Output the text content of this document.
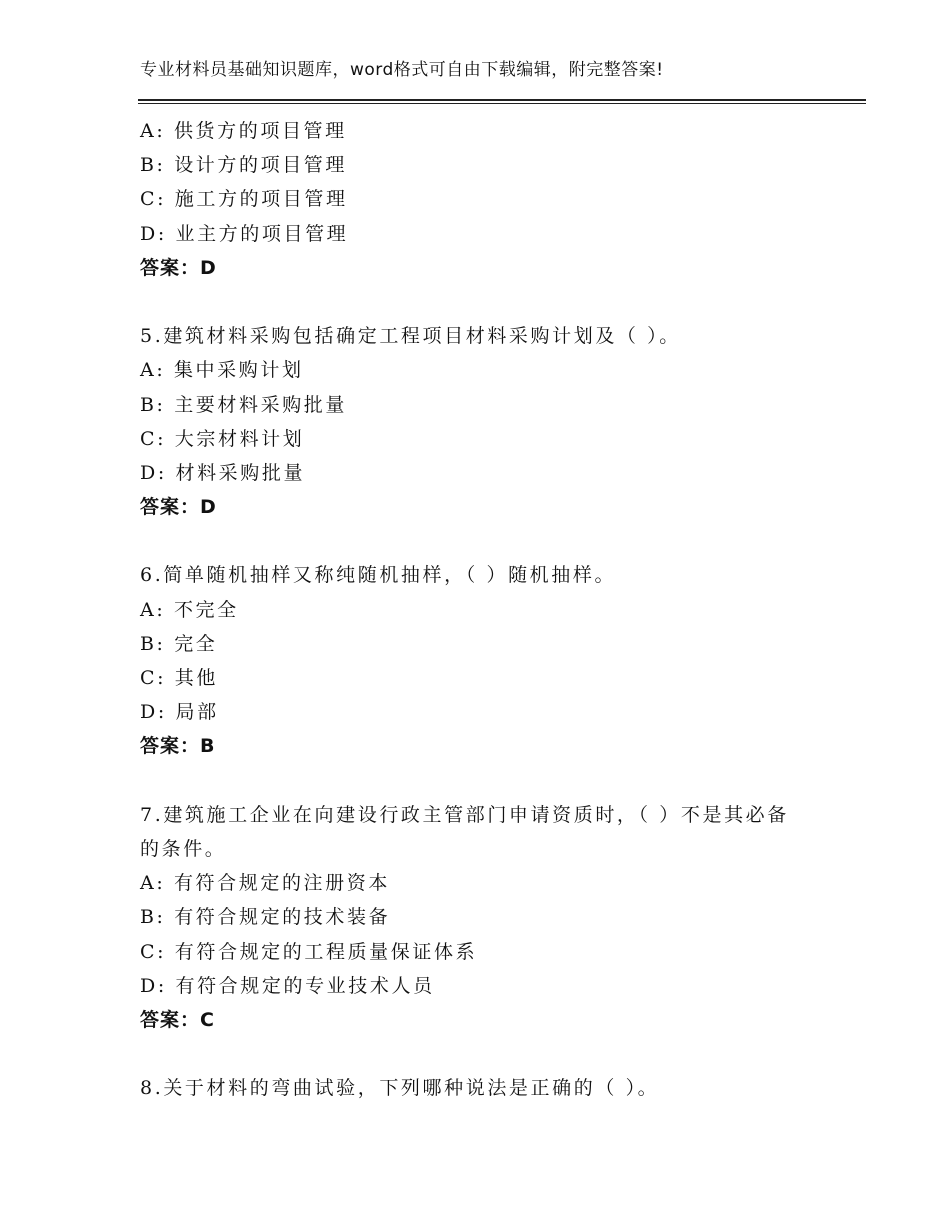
专业材料员基础知识题库，word格式可自由下载编辑，附完整答案!
A: 供货方的项目管理
B: 设计方的项目管理
C: 施工方的项目管理
D: 业主方的项目管理
答案：D
5.建筑材料采购包括确定工程项目材料采购计划及（ ）。
A: 集中采购计划
B: 主要材料采购批量
C: 大宗材料计划
D: 材料采购批量
答案：D
6.简单随机抽样又称纯随机抽样，（ ）随机抽样。
A: 不完全
B: 完全
C: 其他
D: 局部
答案：B
7.建筑施工企业在向建设行政主管部门申请资质时，（ ）不是其必备
的条件。
A: 有符合规定的注册资本
B: 有符合规定的技术装备
C: 有符合规定的工程质量保证体系
D: 有符合规定的专业技术人员
答案：C
8.关于材料的弯曲试验，下列哪种说法是正确的（ ）。
